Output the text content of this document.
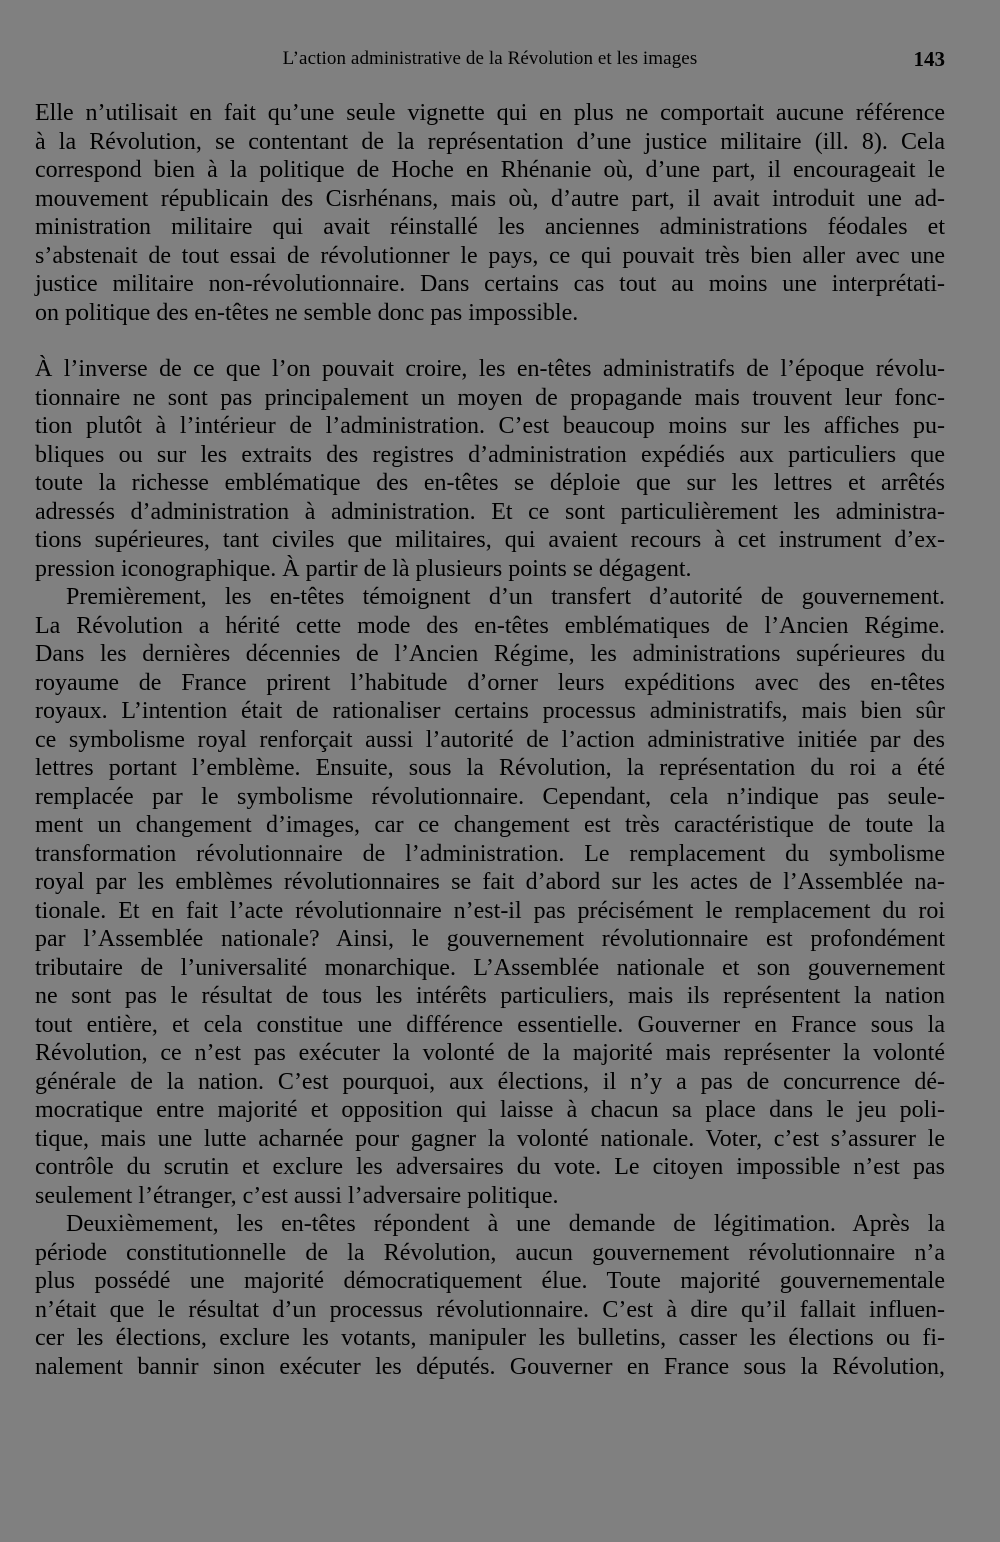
L’action administrative de la Révolution et les images	143
Elle n’utilisait en fait qu’une seule vignette qui en plus ne comportait aucune référence
à la Révolution, se contentant de la représentation d’une justice militaire (ill. 8). Cela
correspond bien à la politique de Hoche en Rhénanie où, d’une part, il encourageait le
mouvement républicain des Cisrhénans, mais où, d’autre part, il avait introduit une ad-
ministration militaire qui avait réinstallé les anciennes administrations féodales et
s’abstenait de tout essai de révolutionner le pays, ce qui pouvait très bien aller avec une
justice militaire non-révolutionnaire. Dans certains cas tout au moins une interprétati-
on politique des en-têtes ne semble donc pas impossible.
À l’inverse de ce que l’on pouvait croire, les en-têtes administratifs de l’époque révolu-
tionnaire ne sont pas principalement un moyen de propagande mais trouvent leur fonc-
tion plutôt à l’intérieur de l’administration. C’est beaucoup moins sur les affiches pu-
bliques ou sur les extraits des registres d’administration expédiés aux particuliers que
toute la richesse emblématique des en-têtes se déploie que sur les lettres et arrêtés
adressés d’administration à administration. Et ce sont particulièrement les administra-
tions supérieures, tant civiles que militaires, qui avaient recours à cet instrument d’ex-
pression iconographique. À partir de là plusieurs points se dégagent.
Premièrement, les en-têtes témoignent d’un transfert d’autorité de gouvernement.
La Révolution a hérité cette mode des en-têtes emblématiques de l’Ancien Régime.
Dans les dernières décennies de l’Ancien Régime, les administrations supérieures du
royaume de France prirent l’habitude d’orner leurs expéditions avec des en-têtes
royaux. L’intention était de rationaliser certains processus administratifs, mais bien sûr
ce symbolisme royal renforçait aussi l’autorité de l’action administrative initiée par des
lettres portant l’emblème. Ensuite, sous la Révolution, la représentation du roi a été
remplacée par le symbolisme révolutionnaire. Cependant, cela n’indique pas seule-
ment un changement d’images, car ce changement est très caractéristique de toute la
transformation révolutionnaire de l’administration. Le remplacement du symbolisme
royal par les emblèmes révolutionnaires se fait d’abord sur les actes de l’Assemblée na-
tionale. Et en fait l’acte révolutionnaire n’est-il pas précisément le remplacement du roi
par l’Assemblée nationale? Ainsi, le gouvernement révolutionnaire est profondément
tributaire de l’universalité monarchique. L’Assemblée nationale et son gouvernement
ne sont pas le résultat de tous les intérêts particuliers, mais ils représentent la nation
tout entière, et cela constitue une différence essentielle. Gouverner en France sous la
Révolution, ce n’est pas exécuter la volonté de la majorité mais représenter la volonté
générale de la nation. C’est pourquoi, aux élections, il n’y a pas de concurrence dé-
mocratique entre majorité et opposition qui laisse à chacun sa place dans le jeu poli-
tique, mais une lutte acharnée pour gagner la volonté nationale. Voter, c’est s’assurer le
contrôle du scrutin et exclure les adversaires du vote. Le citoyen impossible n’est pas
seulement l’étranger, c’est aussi l’adversaire politique.
Deuxièmement, les en-têtes répondent à une demande de légitimation. Après la
période constitutionnelle de la Révolution, aucun gouvernement révolutionnaire n’a
plus possédé une majorité démocratiquement élue. Toute majorité gouvernementale
n’était que le résultat d’un processus révolutionnaire. C’est à dire qu’il fallait influen-
cer les élections, exclure les votants, manipuler les bulletins, casser les élections ou fi-
nalement bannir sinon exécuter les députés. Gouverner en France sous la Révolution,
